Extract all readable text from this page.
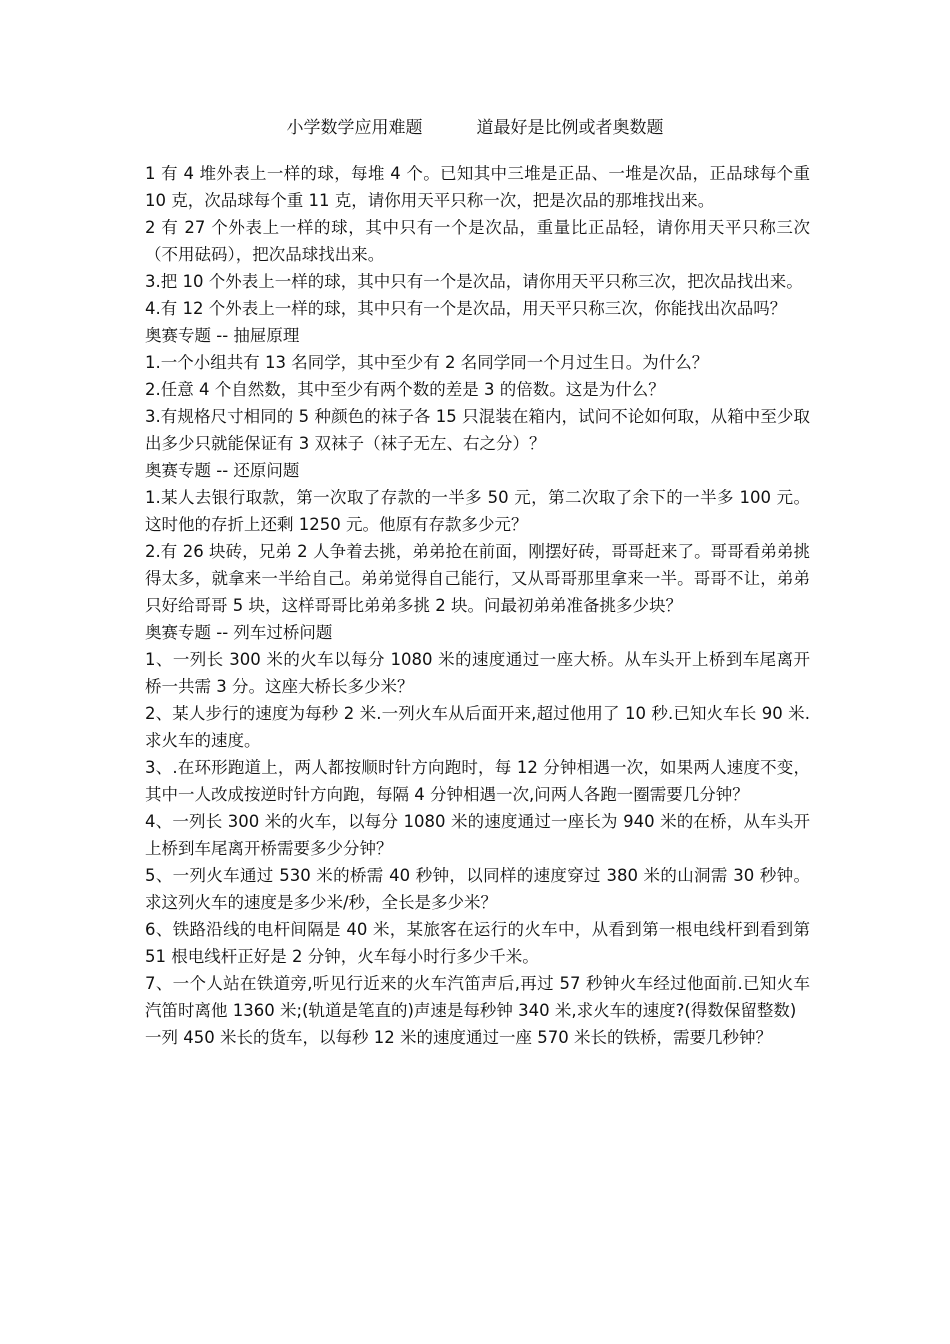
小学数学应用难题          道最好是比例或者奥数题

1 有 4 堆外表上一样的球，每堆 4 个。已知其中三堆是正品、一堆是次品，正品球每个重 10 克，次品球每个重 11 克，请你用天平只称一次，把是次品的那堆找出来。

2 有 27 个外表上一样的球，其中只有一个是次品，重量比正品轻，请你用天平只称三次（不用砝码），把次品球找出来。

3.把 10 个外表上一样的球，其中只有一个是次品，请你用天平只称三次，把次品找出来。

4.有 12 个外表上一样的球，其中只有一个是次品，用天平只称三次，你能找出次品吗？

奥赛专题 -- 抽屉原理

1.一个小组共有 13 名同学，其中至少有 2 名同学同一个月过生日。为什么？

2.任意 4 个自然数，其中至少有两个数的差是 3 的倍数。这是为什么？

3.有规格尺寸相同的 5 种颜色的袜子各 15 只混装在箱内，试问不论如何取，从箱中至少取出多少只就能保证有 3 双袜子（袜子无左、右之分）？

奥赛专题 -- 还原问题

1.某人去银行取款，第一次取了存款的一半多 50 元，第二次取了余下的一半多 100 元。这时他的存折上还剩 1250 元。他原有存款多少元？

2.有 26 块砖，兄弟 2 人争着去挑，弟弟抢在前面，刚摆好砖，哥哥赶来了。哥哥看弟弟挑得太多，就拿来一半给自己。弟弟觉得自己能行，又从哥哥那里拿来一半。哥哥不让，弟弟只好给哥哥 5 块，这样哥哥比弟弟多挑 2 块。问最初弟弟准备挑多少块？

奥赛专题 -- 列车过桥问题

1、一列长 300 米的火车以每分 1080 米的速度通过一座大桥。从车头开上桥到车尾离开桥一共需 3 分。这座大桥长多少米？

2、某人步行的速度为每秒 2 米.一列火车从后面开来,超过他用了 10 秒.已知火车长 90 米.求火车的速度。

3、.在环形跑道上，两人都按顺时针方向跑时，每 12 分钟相遇一次，如果两人速度不变，其中一人改成按逆时针方向跑，每隔 4 分钟相遇一次,问两人各跑一圈需要几分钟？

4、一列长 300 米的火车，以每分 1080 米的速度通过一座长为 940 米的在桥，从车头开上桥到车尾离开桥需要多少分钟？

5、一列火车通过 530 米的桥需 40 秒钟，以同样的速度穿过 380 米的山洞需 30 秒钟。求这列火车的速度是多少米/秒，全长是多少米？

6、铁路沿线的电杆间隔是 40 米，某旅客在运行的火车中，从看到第一根电线杆到看到第 51 根电线杆正好是 2 分钟，火车每小时行多少千米。

7、一个人站在铁道旁,听见行近来的火车汽笛声后,再过 57 秒钟火车经过他面前.已知火车汽笛时离他 1360 米;(轨道是笔直的)声速是每秒钟 340 米,求火车的速度?(得数保留整数)

一列 450 米长的货车，以每秒 12 米的速度通过一座 570 米长的铁桥，需要几秒钟？
